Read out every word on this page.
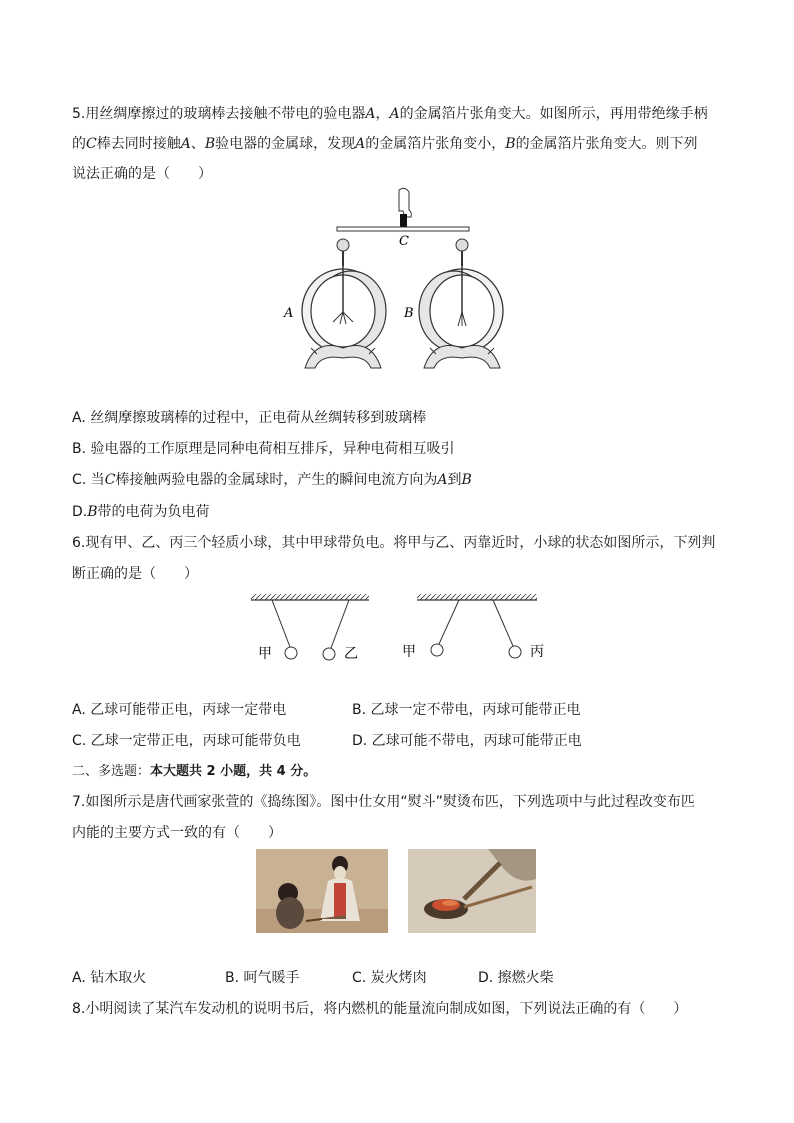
5.用丝绸摩擦过的玻璃棒去接触不带电的验电器A，A的金属箔片张角变大。如图所示，再用带绝缘手柄
的C棒去同时接触A、B验电器的金属球，发现A的金属箔片张角变小，B的金属箔片张角变大。则下列
说法正确的是（　　）
C
A	B
A. 丝绸摩擦玻璃棒的过程中，正电荷从丝绸转移到玻璃棒
B. 验电器的工作原理是同种电荷相互排斥，异种电荷相互吸引
C. 当C棒接触两验电器的金属球时，产生的瞬间电流方向为A到B
D.B带的电荷为负电荷
6.现有甲、乙、丙三个轻质小球，其中甲球带负电。将甲与乙、丙靠近时，小球的状态如图所示，下列判
断正确的是（　　）
甲	乙	甲	丙
A. 乙球可能带正电，丙球一定带电	B. 乙球一定不带电，丙球可能带正电
C. 乙球一定带正电，丙球可能带负电	D. 乙球可能不带电，丙球可能带正电
二、多选题：本大题共 2 小题，共 4 分。
7.如图所示是唐代画家张萱的《捣练图》。图中仕女用“熨斗”熨烫布匹，下列选项中与此过程改变布匹
内能的主要方式一致的有（　　）
A. 钻木取火	B. 呵气暖手	C. 炭火烤肉	D. 擦燃火柴
8.小明阅读了某汽车发动机的说明书后，将内燃机的能量流向制成如图，下列说法正确的有（　　）
